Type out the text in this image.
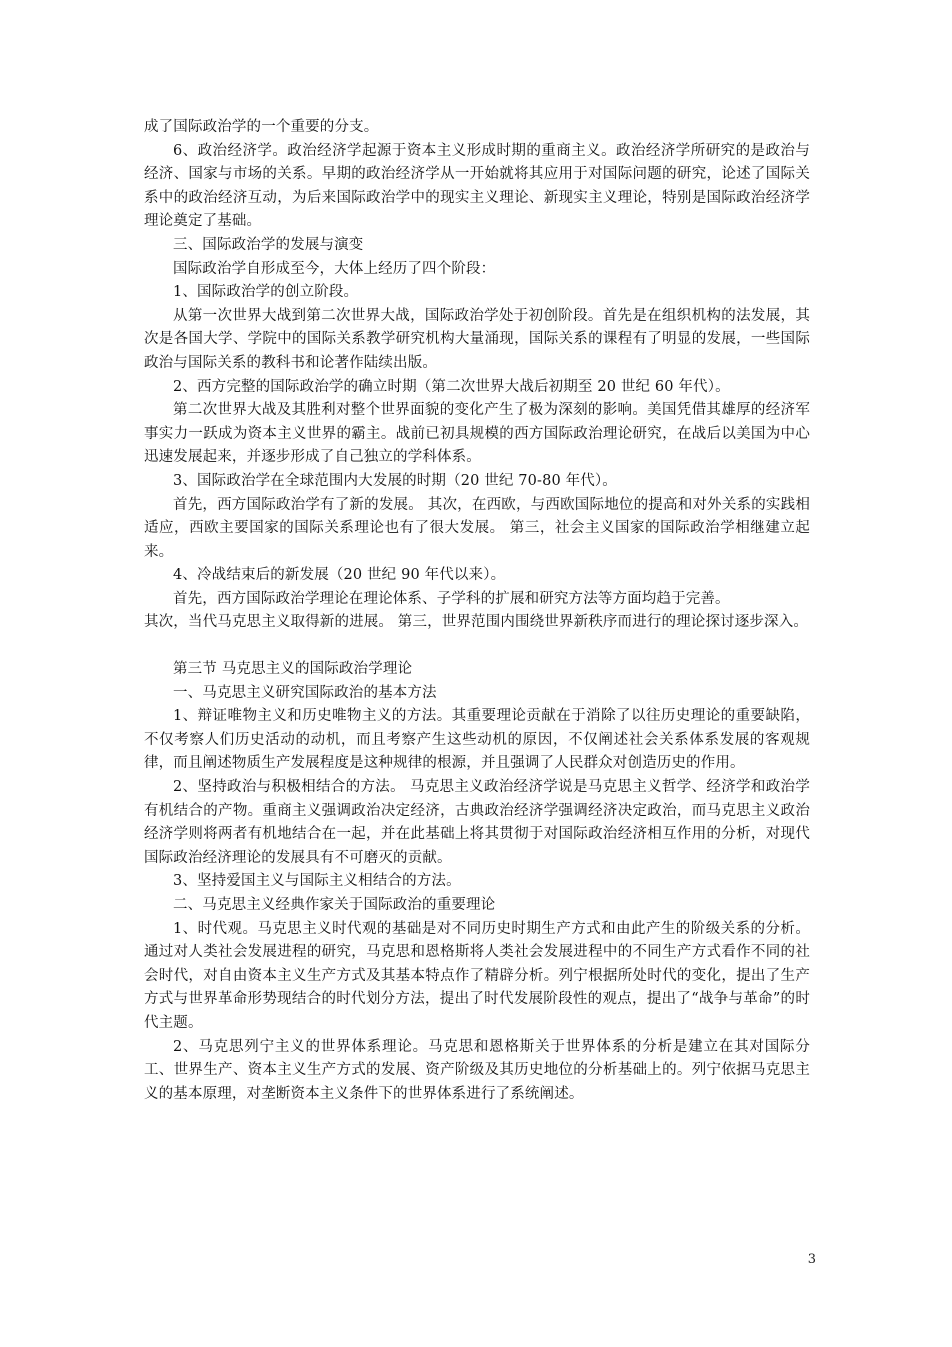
成了国际政治学的一个重要的分支。

6、政治经济学。政治经济学起源于资本主义形成时期的重商主义。政治经济学所研究的是政治与经济、国家与市场的关系。早期的政治经济学从一开始就将其应用于对国际问题的研究，论述了国际关系中的政治经济互动，为后来国际政治学中的现实主义理论、新现实主义理论，特别是国际政治经济学理论奠定了基础。

三、国际政治学的发展与演变

国际政治学自形成至今，大体上经历了四个阶段：

1、国际政治学的创立阶段。

从第一次世界大战到第二次世界大战，国际政治学处于初创阶段。首先是在组织机构的法发展，其次是各国大学、学院中的国际关系教学研究机构大量涌现，国际关系的课程有了明显的发展，一些国际政治与国际关系的教科书和论著作陆续出版。

2、西方完整的国际政治学的确立时期（第二次世界大战后初期至 20 世纪 60 年代）。

第二次世界大战及其胜利对整个世界面貌的变化产生了极为深刻的影响。美国凭借其雄厚的经济军事实力一跃成为资本主义世界的霸主。战前已初具规模的西方国际政治理论研究，在战后以美国为中心迅速发展起来，并逐步形成了自己独立的学科体系。

3、国际政治学在全球范围内大发展的时期（20 世纪 70-80 年代）。

首先，西方国际政治学有了新的发展。 其次，在西欧，与西欧国际地位的提高和对外关系的实践相适应，西欧主要国家的国际关系理论也有了很大发展。 第三，社会主义国家的国际政治学相继建立起来。

4、冷战结束后的新发展（20 世纪 90 年代以来）。

首先，西方国际政治学理论在理论体系、子学科的扩展和研究方法等方面均趋于完善。

其次，当代马克思主义取得新的进展。 第三，世界范围内围绕世界新秩序而进行的理论探讨逐步深入。

第三节 马克思主义的国际政治学理论

一、马克思主义研究国际政治的基本方法

1、辩证唯物主义和历史唯物主义的方法。其重要理论贡献在于消除了以往历史理论的重要缺陷，不仅考察人们历史活动的动机，而且考察产生这些动机的原因，不仅阐述社会关系体系发展的客观规律，而且阐述物质生产发展程度是这种规律的根源，并且强调了人民群众对创造历史的作用。

2、坚持政治与积极相结合的方法。 马克思主义政治经济学说是马克思主义哲学、经济学和政治学有机结合的产物。重商主义强调政治决定经济，古典政治经济学强调经济决定政治，而马克思主义政治经济学则将两者有机地结合在一起，并在此基础上将其贯彻于对国际政治经济相互作用的分析，对现代国际政治经济理论的发展具有不可磨灭的贡献。

3、坚持爱国主义与国际主义相结合的方法。

二、马克思主义经典作家关于国际政治的重要理论

1、时代观。马克思主义时代观的基础是对不同历史时期生产方式和由此产生的阶级关系的分析。通过对人类社会发展进程的研究，马克思和恩格斯将人类社会发展进程中的不同生产方式看作不同的社会时代，对自由资本主义生产方式及其基本特点作了精辟分析。列宁根据所处时代的变化，提出了生产方式与世界革命形势现结合的时代划分方法，提出了时代发展阶段性的观点，提出了“战争与革命”的时代主题。

2、马克思列宁主义的世界体系理论。马克思和恩格斯关于世界体系的分析是建立在其对国际分工、世界生产、资本主义生产方式的发展、资产阶级及其历史地位的分析基础上的。列宁依据马克思主义的基本原理，对垄断资本主义条件下的世界体系进行了系统阐述。

3
